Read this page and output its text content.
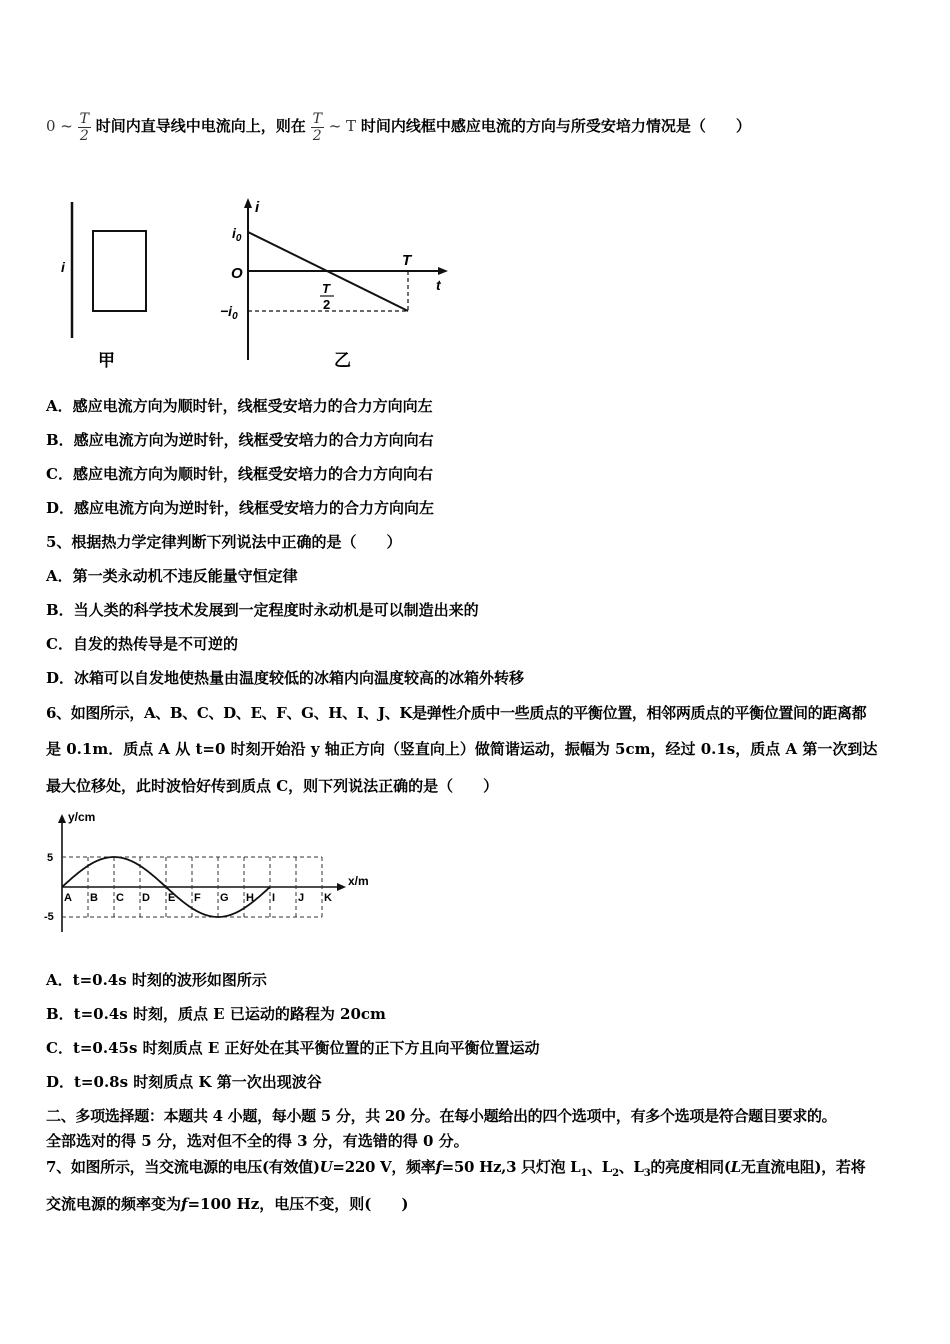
0 ~ $\frac{T}{2}$ 时间内直导线中电流向上，则在 $\frac{T}{2}$ ~ T 时间内线框中感应电流的方向与所受安培力情况是（　　）
i
甲
i
t
O
$i_0$
$-i_0$
T
T
2
乙
A．感应电流方向为顺时针，线框受安培力的合力方向向左
B．感应电流方向为逆时针，线框受安培力的合力方向向右
C．感应电流方向为顺时针，线框受安培力的合力方向向右
D．感应电流方向为逆时针，线框受安培力的合力方向向左
5、根据热力学定律判断下列说法中正确的是（　　）
A．第一类永动机不违反能量守恒定律
B．当人类的科学技术发展到一定程度时永动机是可以制造出来的
C．自发的热传导是不可逆的
D．冰箱可以自发地使热量由温度较低的冰箱内向温度较高的冰箱外转移
6、如图所示，A、B、C、D、E、F、G、H、I、J、K是弹性介质中一些质点的平衡位置，相邻两质点的平衡位置间的距离都
是 0.1m．质点 A 从 t=0 时刻开始沿 y 轴正方向（竖直向上）做简谐运动，振幅为 5cm，经过 0.1s，质点 A 第一次到达
最大位移处，此时波恰好传到质点 C，则下列说法正确的是（　　）
y/cm
x/m
5
-5
A B C D E F G H I J K
A．t=0.4s 时刻的波形如图所示
B．t=0.4s 时刻，质点 E 已运动的路程为 20cm
C．t=0.45s 时刻质点 E 正好处在其平衡位置的正下方且向平衡位置运动
D．t=0.8s 时刻质点 K 第一次出现波谷
二、多项选择题：本题共 4 小题，每小题 5 分，共 20 分。在每小题给出的四个选项中，有多个选项是符合题目要求的。
全部选对的得 5 分，选对但不全的得 3 分，有选错的得 0 分。
7、如图所示，当交流电源的电压(有效值)U=220 V，频率f=50 Hz,3 只灯泡 $L_1$、$L_2$、$L_3$的亮度相同(L无直流电阻)，若将
交流电源的频率变为f=100 Hz，电压不变，则(　　)
